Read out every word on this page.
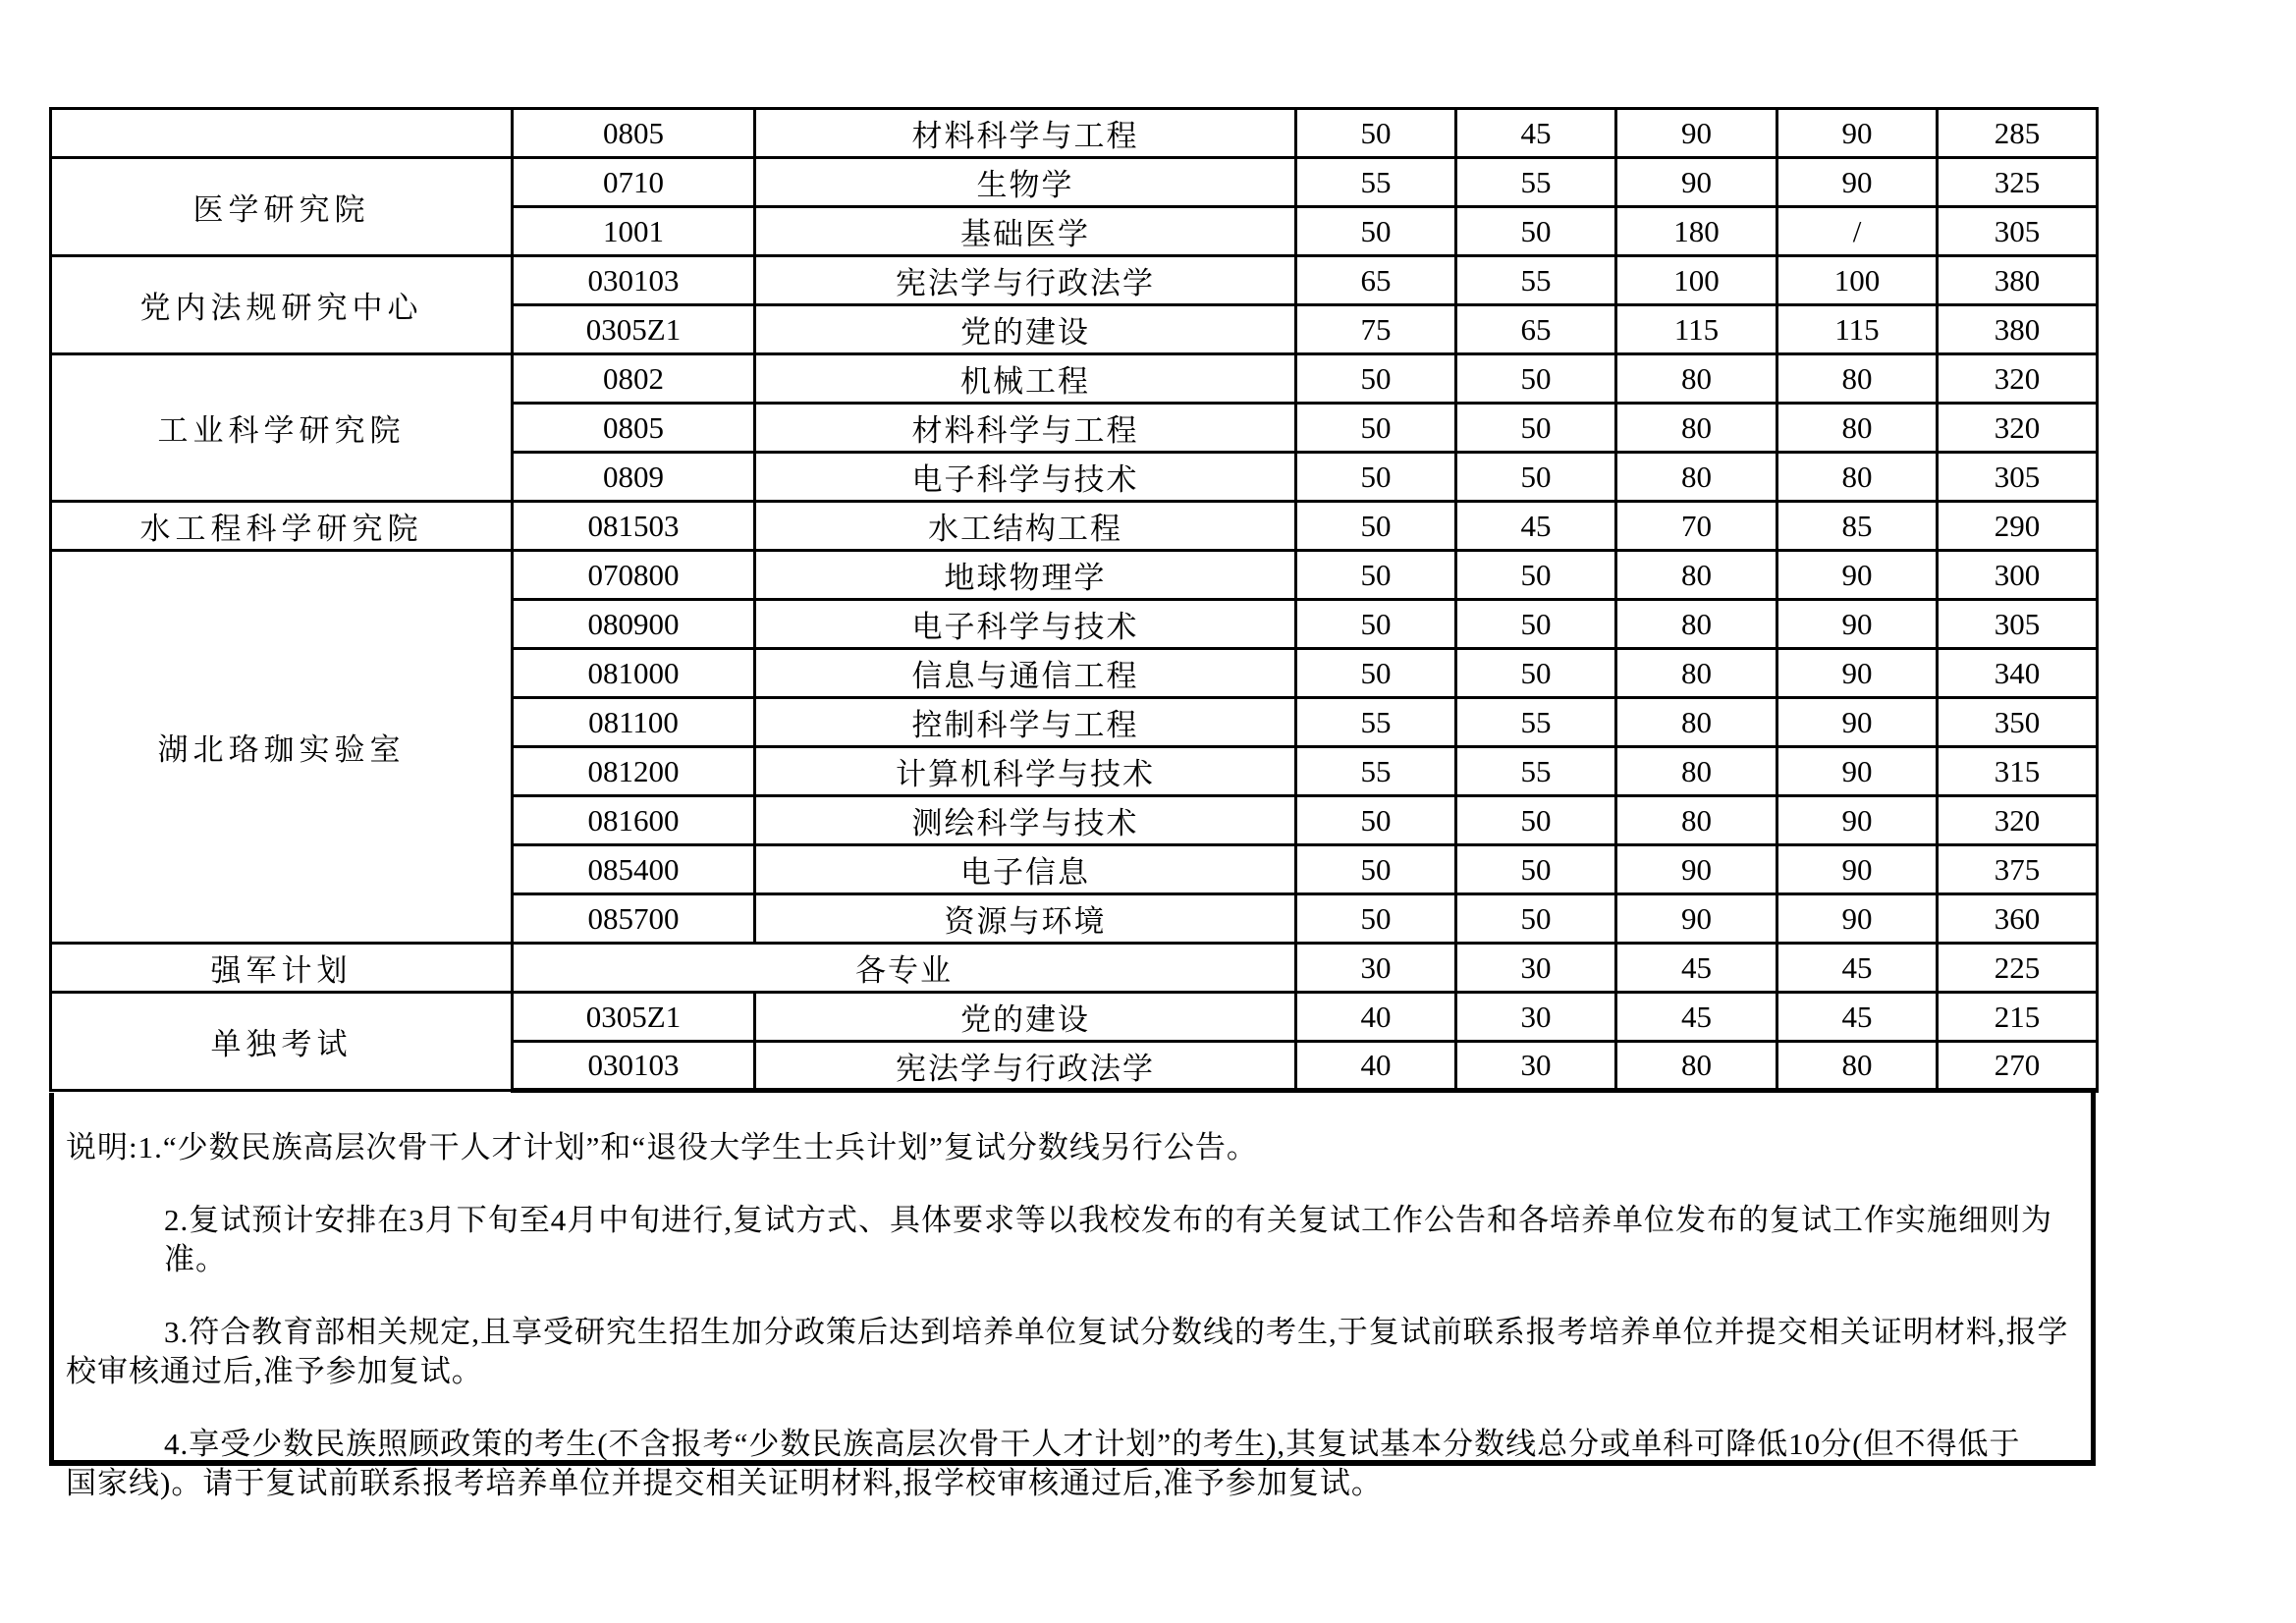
	0805	材料科学与工程	50	45	90	90	285
医学研究院	0710	生物学	55	55	90	90	325
	1001	基础医学	50	50	180	/	305
党内法规研究中心	030103	宪法学与行政法学	65	55	100	100	380
	0305Z1	党的建设	75	65	115	115	380
工业科学研究院	0802	机械工程	50	50	80	80	320
	0805	材料科学与工程	50	50	80	80	320
	0809	电子科学与技术	50	50	80	80	305
水工程科学研究院	081503	水工结构工程	50	45	70	85	290
湖北珞珈实验室	070800	地球物理学	50	50	80	90	300
	080900	电子科学与技术	50	50	80	90	305
	081000	信息与通信工程	50	50	80	90	340
	081100	控制科学与工程	55	55	80	90	350
	081200	计算机科学与技术	55	55	80	90	315
	081600	测绘科学与技术	50	50	80	90	320
	085400	电子信息	50	50	90	90	375
	085700	资源与环境	50	50	90	90	360
强军计划	各专业		30	30	45	45	225
单独考试	0305Z1	党的建设	40	30	45	45	215
	030103	宪法学与行政法学	40	30	80	80	270
说明:1.“少数民族高层次骨干人才计划”和“退役大学生士兵计划”复试分数线另行公告。
2.复试预计安排在3月下旬至4月中旬进行,复试方式、具体要求等以我校发布的有关复试工作公告和各培养单位发布的复试工作实施细则为准。
3.符合教育部相关规定,且享受研究生招生加分政策后达到培养单位复试分数线的考生,于复试前联系报考培养单位并提交相关证明材料,报学
校审核通过后,准予参加复试。
4.享受少数民族照顾政策的考生(不含报考“少数民族高层次骨干人才计划”的考生),其复试基本分数线总分或单科可降低10分(但不得低于
国家线)。请于复试前联系报考培养单位并提交相关证明材料,报学校审核通过后,准予参加复试。
